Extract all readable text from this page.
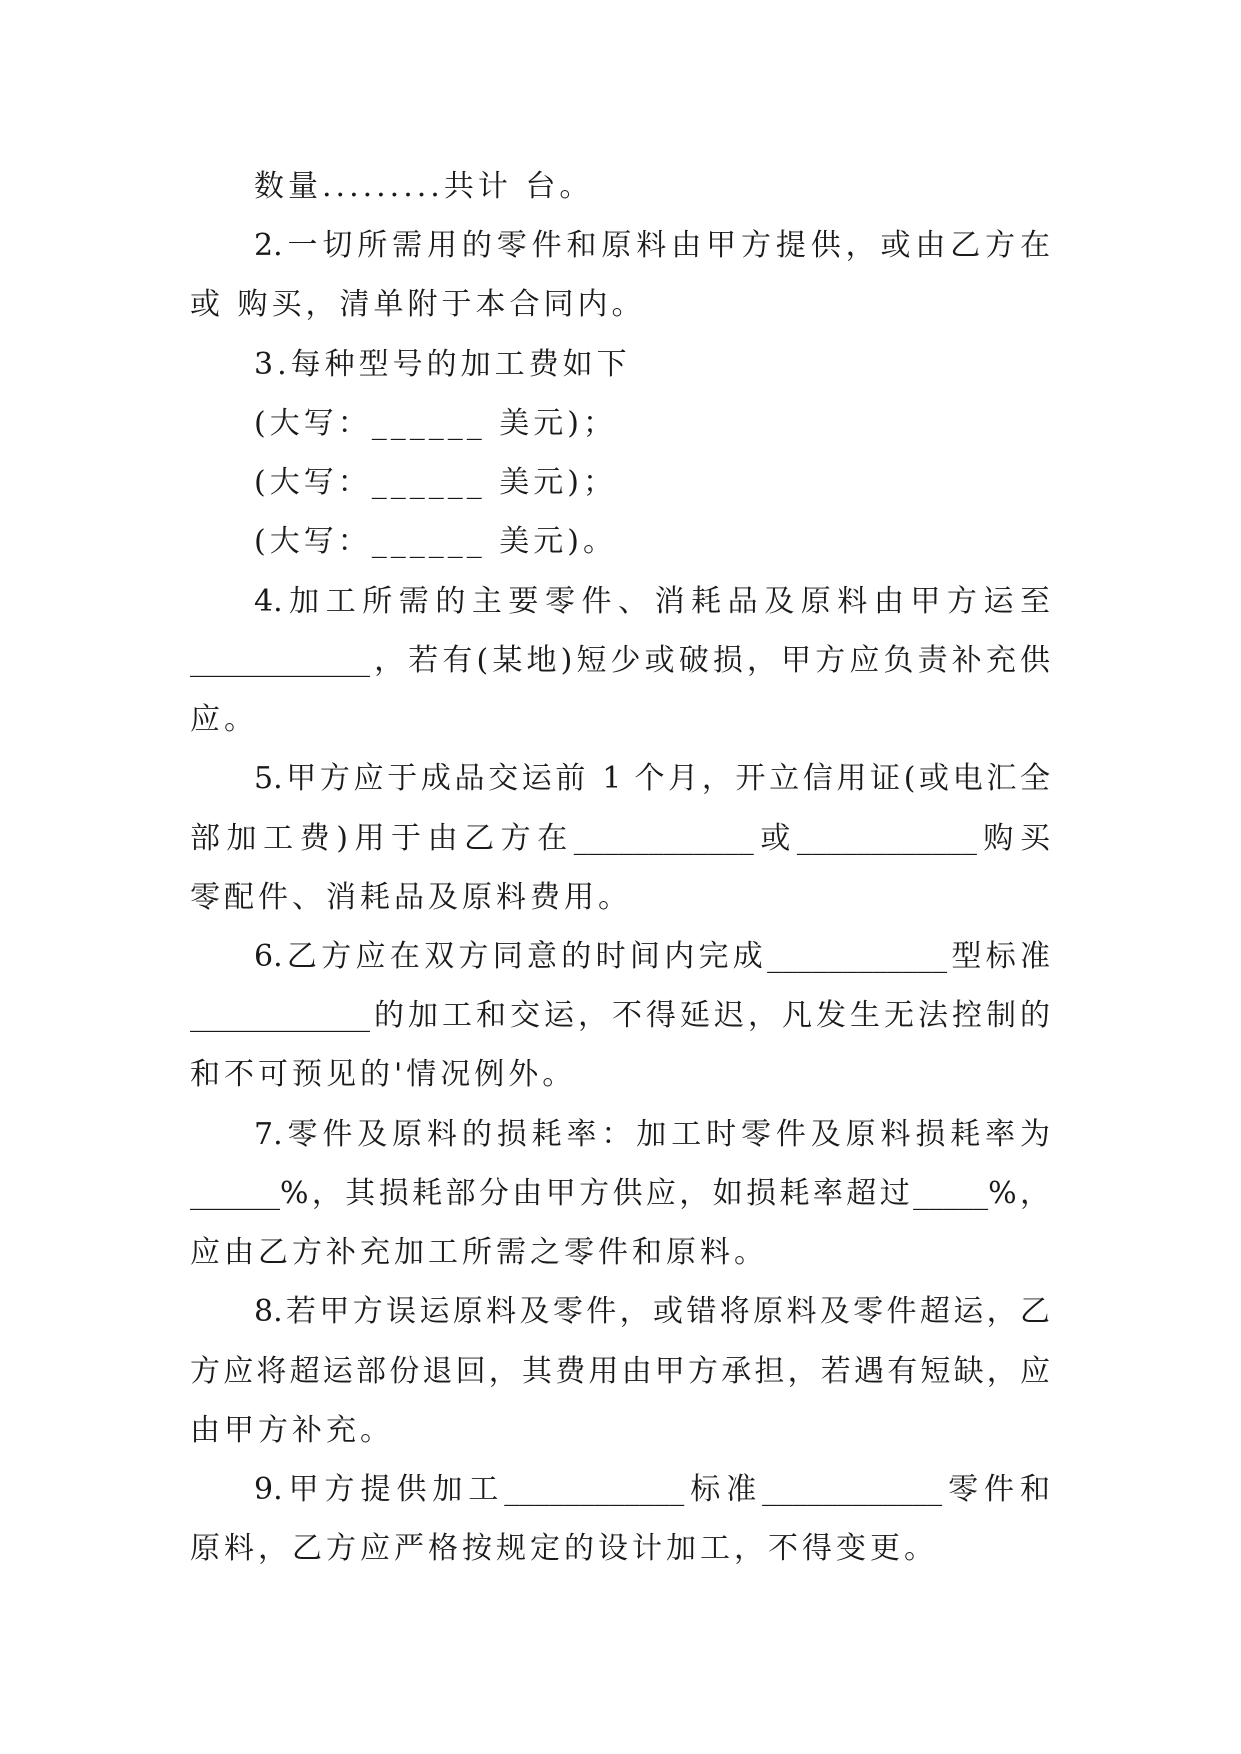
数量.........共计 台。
2.一切所需用的零件和原料由甲方提供，或由乙方在
或 购买，清单附于本合同内。
3.每种型号的加工费如下
(大写：______ 美元)；
(大写：______ 美元)；
(大写：______ 美元)。
4.加工所需的主要零件、消耗品及原料由甲方运至
____________，若有(某地)短少或破损，甲方应负责补充供
应。
5.甲方应于成品交运前 1 个月，开立信用证(或电汇全
部加工费)用于由乙方在____________或____________购买
零配件、消耗品及原料费用。
6.乙方应在双方同意的时间内完成____________型标准
____________的加工和交运，不得延迟，凡发生无法控制的
和不可预见的'情况例外。
7.零件及原料的损耗率：加工时零件及原料损耗率为
______%，其损耗部分由甲方供应，如损耗率超过_____%，
应由乙方补充加工所需之零件和原料。
8.若甲方误运原料及零件，或错将原料及零件超运，乙
方应将超运部份退回，其费用由甲方承担，若遇有短缺，应
由甲方补充。
9.甲方提供加工____________标准____________零件和
原料，乙方应严格按规定的设计加工，不得变更。
